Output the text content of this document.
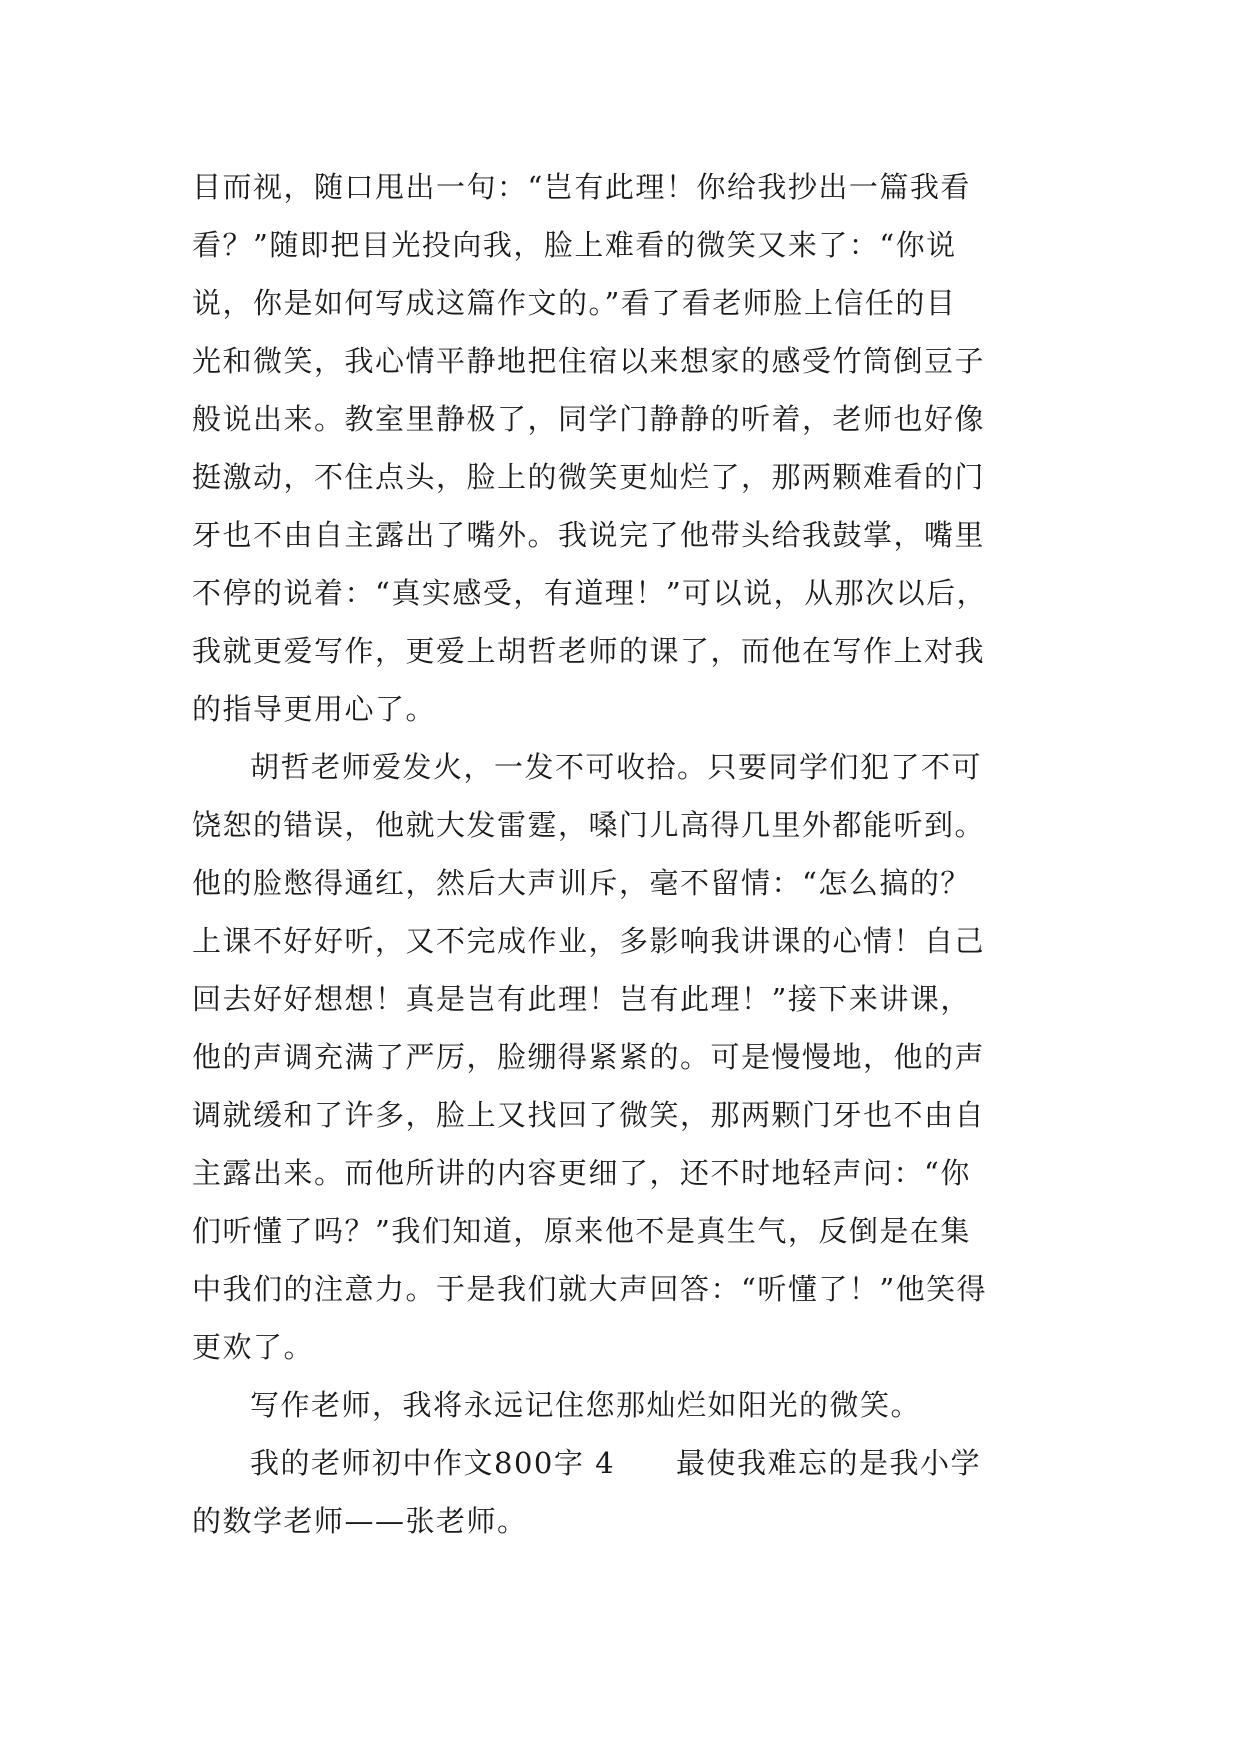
目而视，随口甩出一句：“岂有此理！你给我抄出一篇我看
看？”随即把目光投向我，脸上难看的微笑又来了：“你说
说，你是如何写成这篇作文的。”看了看老师脸上信任的目
光和微笑，我心情平静地把住宿以来想家的感受竹筒倒豆子
般说出来。教室里静极了，同学门静静的听着，老师也好像
挺激动，不住点头，脸上的微笑更灿烂了，那两颗难看的门
牙也不由自主露出了嘴外。我说完了他带头给我鼓掌，嘴里
不停的说着：“真实感受，有道理！”可以说，从那次以后，
我就更爱写作，更爱上胡哲老师的课了，而他在写作上对我
的指导更用心了。
胡哲老师爱发火，一发不可收拾。只要同学们犯了不可
饶恕的错误，他就大发雷霆，嗓门儿高得几里外都能听到。
他的脸憋得通红，然后大声训斥，毫不留情：“怎么搞的？
上课不好好听，又不完成作业，多影响我讲课的心情！自己
回去好好想想！真是岂有此理！岂有此理！”接下来讲课，
他的声调充满了严厉，脸绷得紧紧的。可是慢慢地，他的声
调就缓和了许多，脸上又找回了微笑，那两颗门牙也不由自
主露出来。而他所讲的内容更细了，还不时地轻声问：“你
们听懂了吗？”我们知道，原来他不是真生气，反倒是在集
中我们的注意力。于是我们就大声回答：“听懂了！”他笑得
更欢了。
写作老师，我将永远记住您那灿烂如阳光的微笑。
我的老师初中作文800字 4　　最使我难忘的是我小学
的数学老师——张老师。
